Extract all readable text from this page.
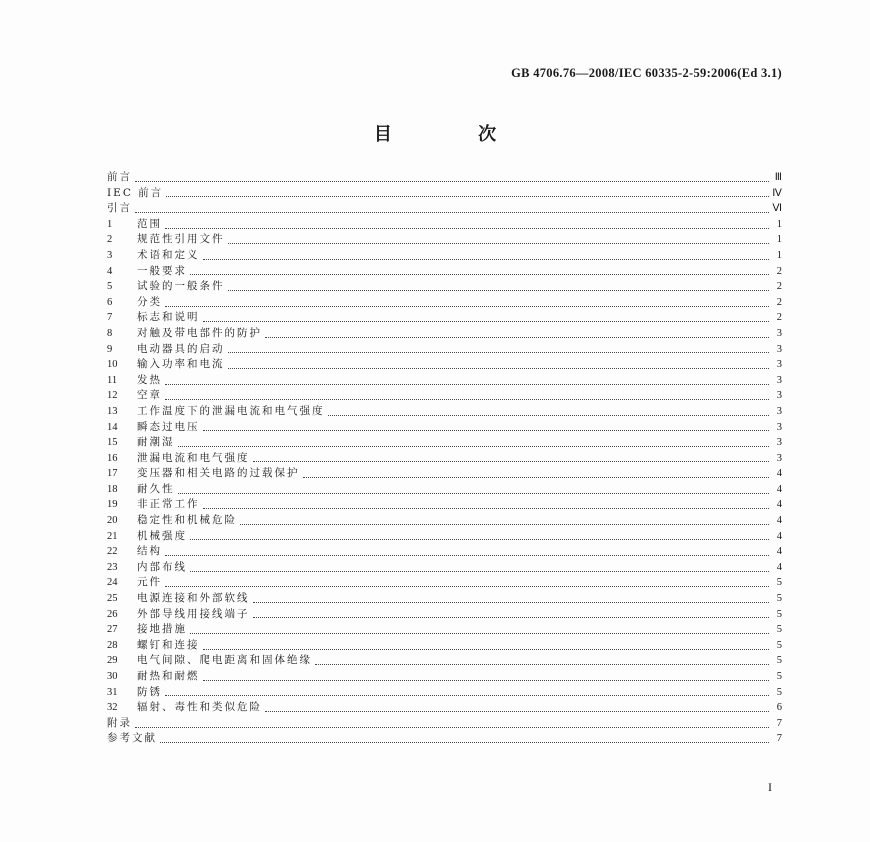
GB 4706.76—2008/IEC 60335-2-59:2006(Ed 3.1)
目 次
前言	Ⅲ
IEC 前言	Ⅳ
引言	Ⅵ
1	范围	1
2	规范性引用文件	1
3	术语和定义	1
4	一般要求	2
5	试验的一般条件	2
6	分类	2
7	标志和说明	2
8	对触及带电部件的防护	3
9	电动器具的启动	3
10	输入功率和电流	3
11	发热	3
12	空章	3
13	工作温度下的泄漏电流和电气强度	3
14	瞬态过电压	3
15	耐潮湿	3
16	泄漏电流和电气强度	3
17	变压器和相关电路的过载保护	4
18	耐久性	4
19	非正常工作	4
20	稳定性和机械危险	4
21	机械强度	4
22	结构	4
23	内部布线	4
24	元件	5
25	电源连接和外部软线	5
26	外部导线用接线端子	5
27	接地措施	5
28	螺钉和连接	5
29	电气间隙、爬电距离和固体绝缘	5
30	耐热和耐燃	5
31	防锈	5
32	辐射、毒性和类似危险	6
附录	7
参考文献	7
I
